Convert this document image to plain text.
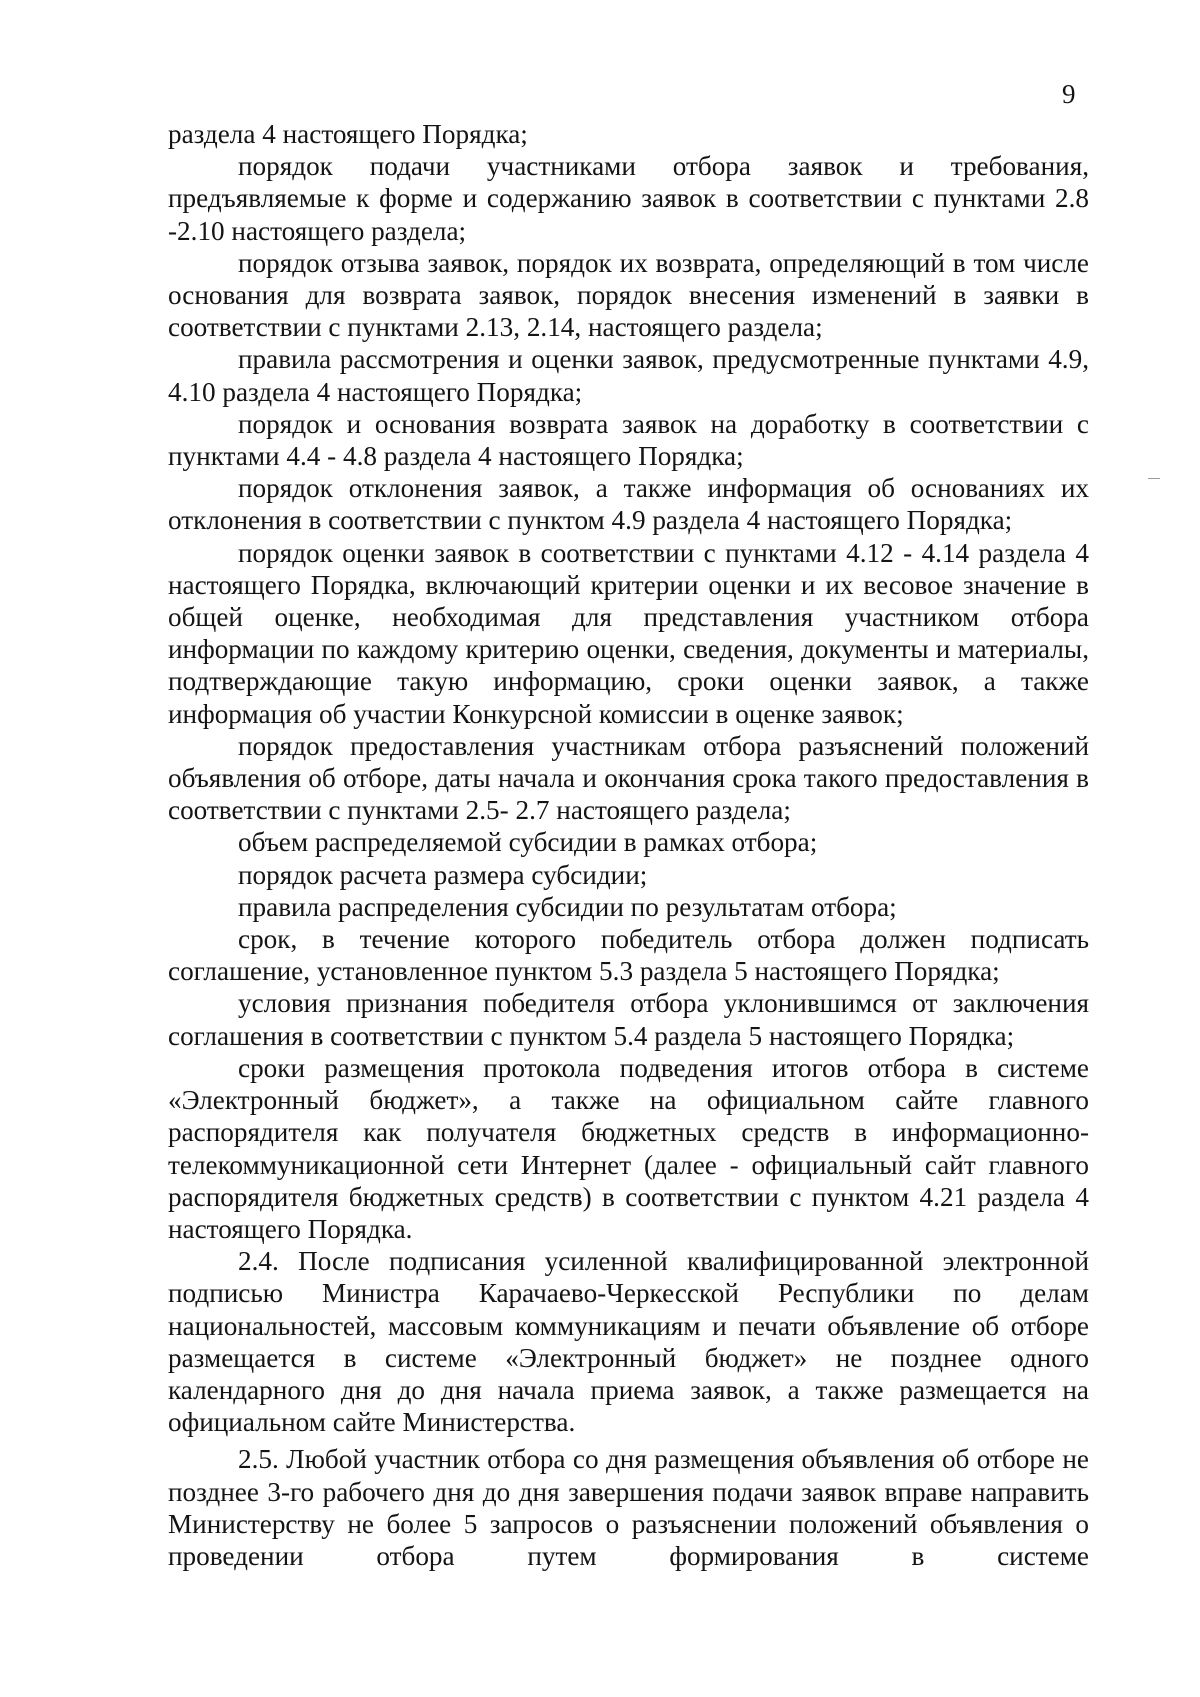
9

раздела 4 настоящего Порядка;

порядок подачи участниками отбора заявок и требования, предъявляемые к форме и содержанию заявок в соответствии с пунктами 2.8 -2.10 настоящего раздела;

порядок отзыва заявок, порядок их возврата, определяющий в том числе основания для возврата заявок, порядок внесения изменений в заявки в соответствии с пунктами 2.13, 2.14, настоящего раздела;

правила рассмотрения и оценки заявок, предусмотренные пунктами 4.9, 4.10 раздела 4 настоящего Порядка;

порядок и основания возврата заявок на доработку в соответствии с пунктами 4.4 - 4.8 раздела 4 настоящего Порядка;

порядок отклонения заявок, а также информация об основаниях их отклонения в соответствии с пунктом 4.9 раздела 4 настоящего Порядка;

порядок оценки заявок в соответствии с пунктами 4.12 - 4.14 раздела 4 настоящего Порядка, включающий критерии оценки и их весовое значение в общей оценке, необходимая для представления участником отбора информации по каждому критерию оценки, сведения, документы и материалы, подтверждающие такую информацию, сроки оценки заявок, а также информация об участии Конкурсной комиссии в оценке заявок;

порядок предоставления участникам отбора разъяснений положений объявления об отборе, даты начала и окончания срока такого предоставления в соответствии с пунктами 2.5- 2.7 настоящего раздела;

объем распределяемой субсидии в рамках отбора;

порядок расчета размера субсидии;

правила распределения субсидии по результатам отбора;

срок, в течение которого победитель отбора должен подписать соглашение, установленное пунктом 5.3 раздела 5 настоящего Порядка;

условия признания победителя отбора уклонившимся от заключения соглашения в соответствии с пунктом 5.4 раздела 5 настоящего Порядка;

сроки размещения протокола подведения итогов отбора в системе «Электронный бюджет», а также на официальном сайте главного распорядителя как получателя бюджетных средств в информационно-телекоммуникационной сети Интернет (далее - официальный сайт главного распорядителя бюджетных средств) в соответствии с пунктом 4.21 раздела 4 настоящего Порядка.

2.4. После подписания усиленной квалифицированной электронной подписью Министра Карачаево-Черкесской Республики по делам национальностей, массовым коммуникациям и печати объявление об отборе размещается в системе «Электронный бюджет» не позднее одного календарного дня до дня начала приема заявок, а также размещается на официальном сайте Министерства.

2.5. Любой участник отбора со дня размещения объявления об отборе не позднее 3-го рабочего дня до дня завершения подачи заявок вправе направить Министерству не более 5 запросов о разъяснении положений объявления о проведении отбора путем формирования в системе
